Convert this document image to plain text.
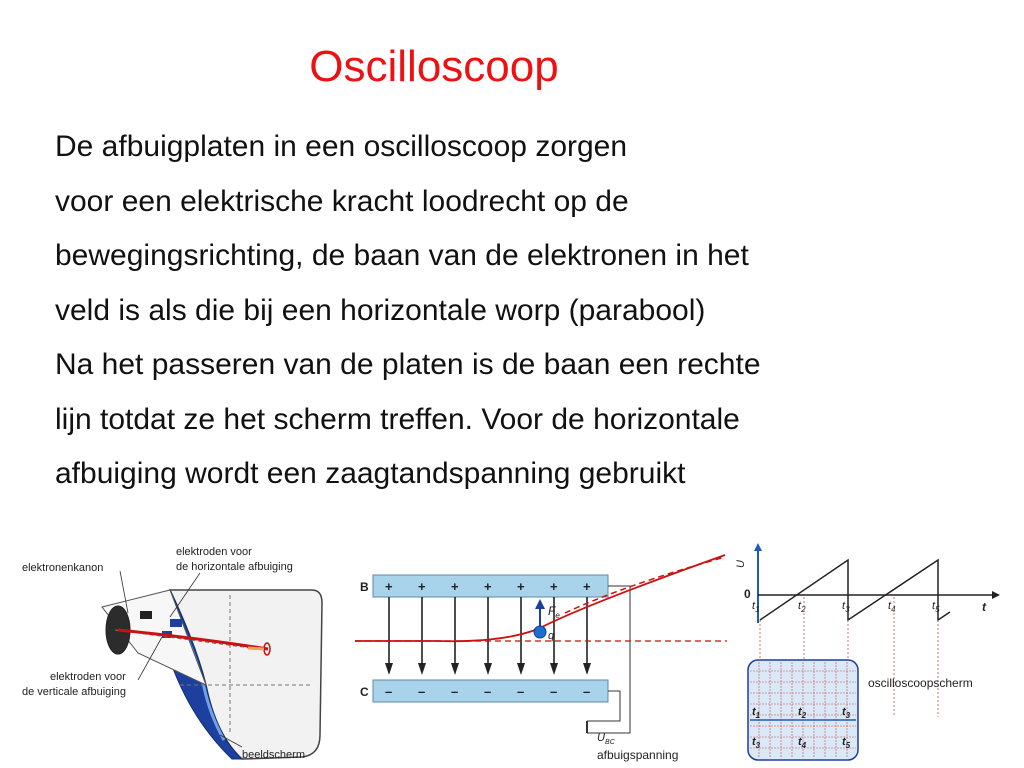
Oscilloscoop
De afbuigplaten in een oscilloscoop zorgen
voor een elektrische kracht loodrecht op de
bewegingsrichting, de baan van de elektronen in het
veld is als die bij een horizontale worp (parabool)
Na het passeren van de platen is de baan een rechte
lijn totdat ze het scherm treffen. Voor de horizontale
afbuiging wordt een zaagtandspanning gebruikt
elektronenkanon
elektroden voor
de horizontale afbuiging
elektroden voor
de verticale afbuiging
beeldscherm
B
C
+
–
+
–
+
–
+
–
+
–
+
–
+
–
$F_e$
q
$U_{BC}$
afbuigspanning
U
0
t
$t_1$	$t_2$	$t_3$	$t_4$	$t_5$
oscilloscoopscherm
$t_1$	$t_2$	$t_3$
$t_3$	$t_4$	$t_5$
